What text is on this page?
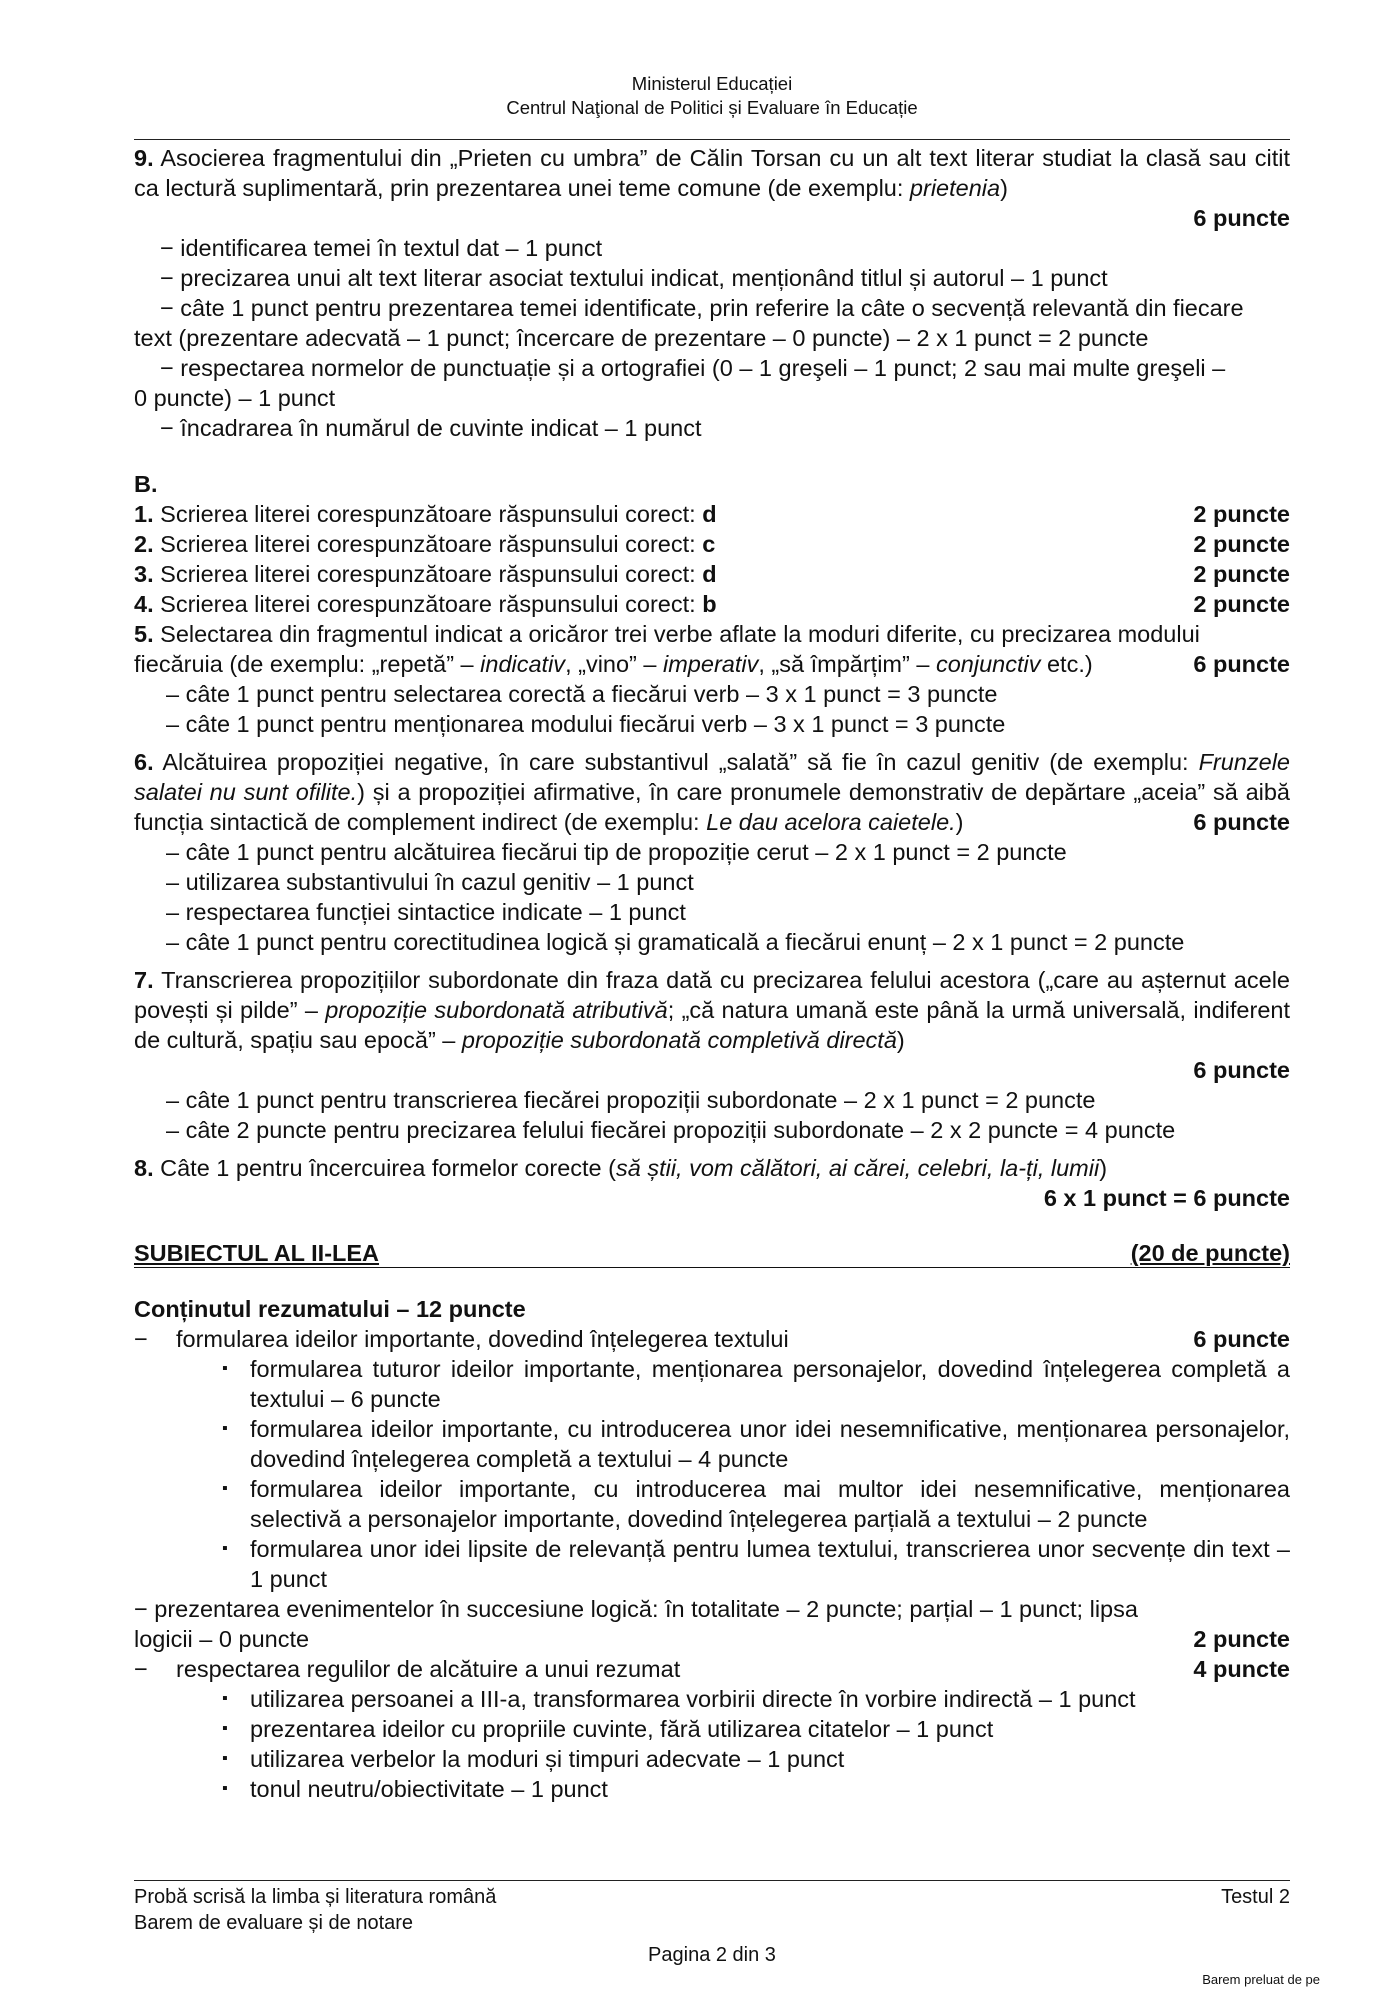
Ministerul Educației
Centrul Naţional de Politici și Evaluare în Educație

9. Asocierea fragmentului din „Prieten cu umbra” de Călin Torsan cu un alt text literar studiat la clasă sau citit ca lectură suplimentară, prin prezentarea unei teme comune (de exemplu: prietenia)

6 puncte
− identificarea temei în textul dat – 1 punct
− precizarea unui alt text literar asociat textului indicat, menționând titlul și autorul – 1 punct
− câte 1 punct pentru prezentarea temei identificate, prin referire la câte o secvență relevantă din fiecare
text (prezentare adecvată – 1 punct; încercare de prezentare – 0 puncte) – 2 x 1 punct = 2 puncte
− respectarea normelor de punctuație și a ortografiei (0 – 1 greşeli – 1 punct; 2 sau mai multe greşeli –
0 puncte) – 1 punct
− încadrarea în numărul de cuvinte indicat – 1 punct
B.
1. Scrierea literei corespunzătoare răspunsului corect: d	2 puncte
2. Scrierea literei corespunzătoare răspunsului corect: c	2 puncte
3. Scrierea literei corespunzătoare răspunsului corect: d	2 puncte
4. Scrierea literei corespunzătoare răspunsului corect: b	2 puncte
5. Selectarea din fragmentul indicat a oricăror trei verbe aflate la moduri diferite, cu precizarea modului
fiecăruia (de exemplu: „repetă” – indicativ, „vino” – imperativ, „să împărțim” – conjunctiv etc.)	6 puncte
– câte 1 punct pentru selectarea corectă a fiecărui verb – 3 x 1 punct = 3 puncte
– câte 1 punct pentru menționarea modului fiecărui verb – 3 x 1 punct = 3 puncte

6. Alcătuirea propoziției negative, în care substantivul „salată” să fie în cazul genitiv (de exemplu: Frunzele salatei nu sunt ofilite.) și a propoziției afirmative, în care pronumele demonstrativ de depărtare „aceia” să aibă funcția sintactică de complement indirect (de exemplu: Le dau acelora caietele.)	6 puncte
– câte 1 punct pentru alcătuirea fiecărui tip de propoziție cerut – 2 x 1 punct = 2 puncte
– utilizarea substantivului în cazul genitiv – 1 punct
– respectarea funcției sintactice indicate – 1 punct
– câte 1 punct pentru corectitudinea logică și gramaticală a fiecărui enunț – 2 x 1 punct = 2 puncte

7. Transcrierea propozițiilor subordonate din fraza dată cu precizarea felului acestora („care au așternut acele povești și pilde” – propoziție subordonată atributivă; „că natura umană este până la urmă universală, indiferent de cultură, spațiu sau epocă” – propoziție subordonată completivă directă)

6 puncte
– câte 1 punct pentru transcrierea fiecărei propoziții subordonate – 2 x 1 punct = 2 puncte
– câte 2 puncte pentru precizarea felului fiecărei propoziții subordonate – 2 x 2 puncte = 4 puncte
8. Câte 1 pentru încercuirea formelor corecte (să știi, vom călători, ai cărei, celebri, la-ți, lumii)
6 x 1 punct = 6 puncte
SUBIECTUL AL II-LEA	(20 de puncte)
Conținutul rezumatului – 12 puncte
− formularea ideilor importante, dovedind înțelegerea textului	6 puncte
▪ formularea tuturor ideilor importante, menționarea personajelor, dovedind înțelegerea completă a textului – 6 puncte
▪ formularea ideilor importante, cu introducerea unor idei nesemnificative, menționarea personajelor, dovedind înțelegerea completă a textului – 4 puncte
▪ formularea ideilor importante, cu introducerea mai multor idei nesemnificative, menționarea selectivă a personajelor importante, dovedind înțelegerea parțială a textului – 2 puncte
▪ formularea unor idei lipsite de relevanță pentru lumea textului, transcrierea unor secvențe din text – 1 punct
− prezentarea evenimentelor în succesiune logică: în totalitate – 2 puncte; parțial – 1 punct; lipsa
logicii – 0 puncte	2 puncte
− respectarea regulilor de alcătuire a unui rezumat	4 puncte
▪ utilizarea persoanei a III-a, transformarea vorbirii directe în vorbire indirectă – 1 punct
▪ prezentarea ideilor cu propriile cuvinte, fără utilizarea citatelor – 1 punct
▪ utilizarea verbelor la moduri și timpuri adecvate – 1 punct
▪ tonul neutru/obiectivitate – 1 punct
Probă scrisă la limba și literatura română	Testul 2
Barem de evaluare și de notare
Pagina 2 din 3
Barem preluat de pe
